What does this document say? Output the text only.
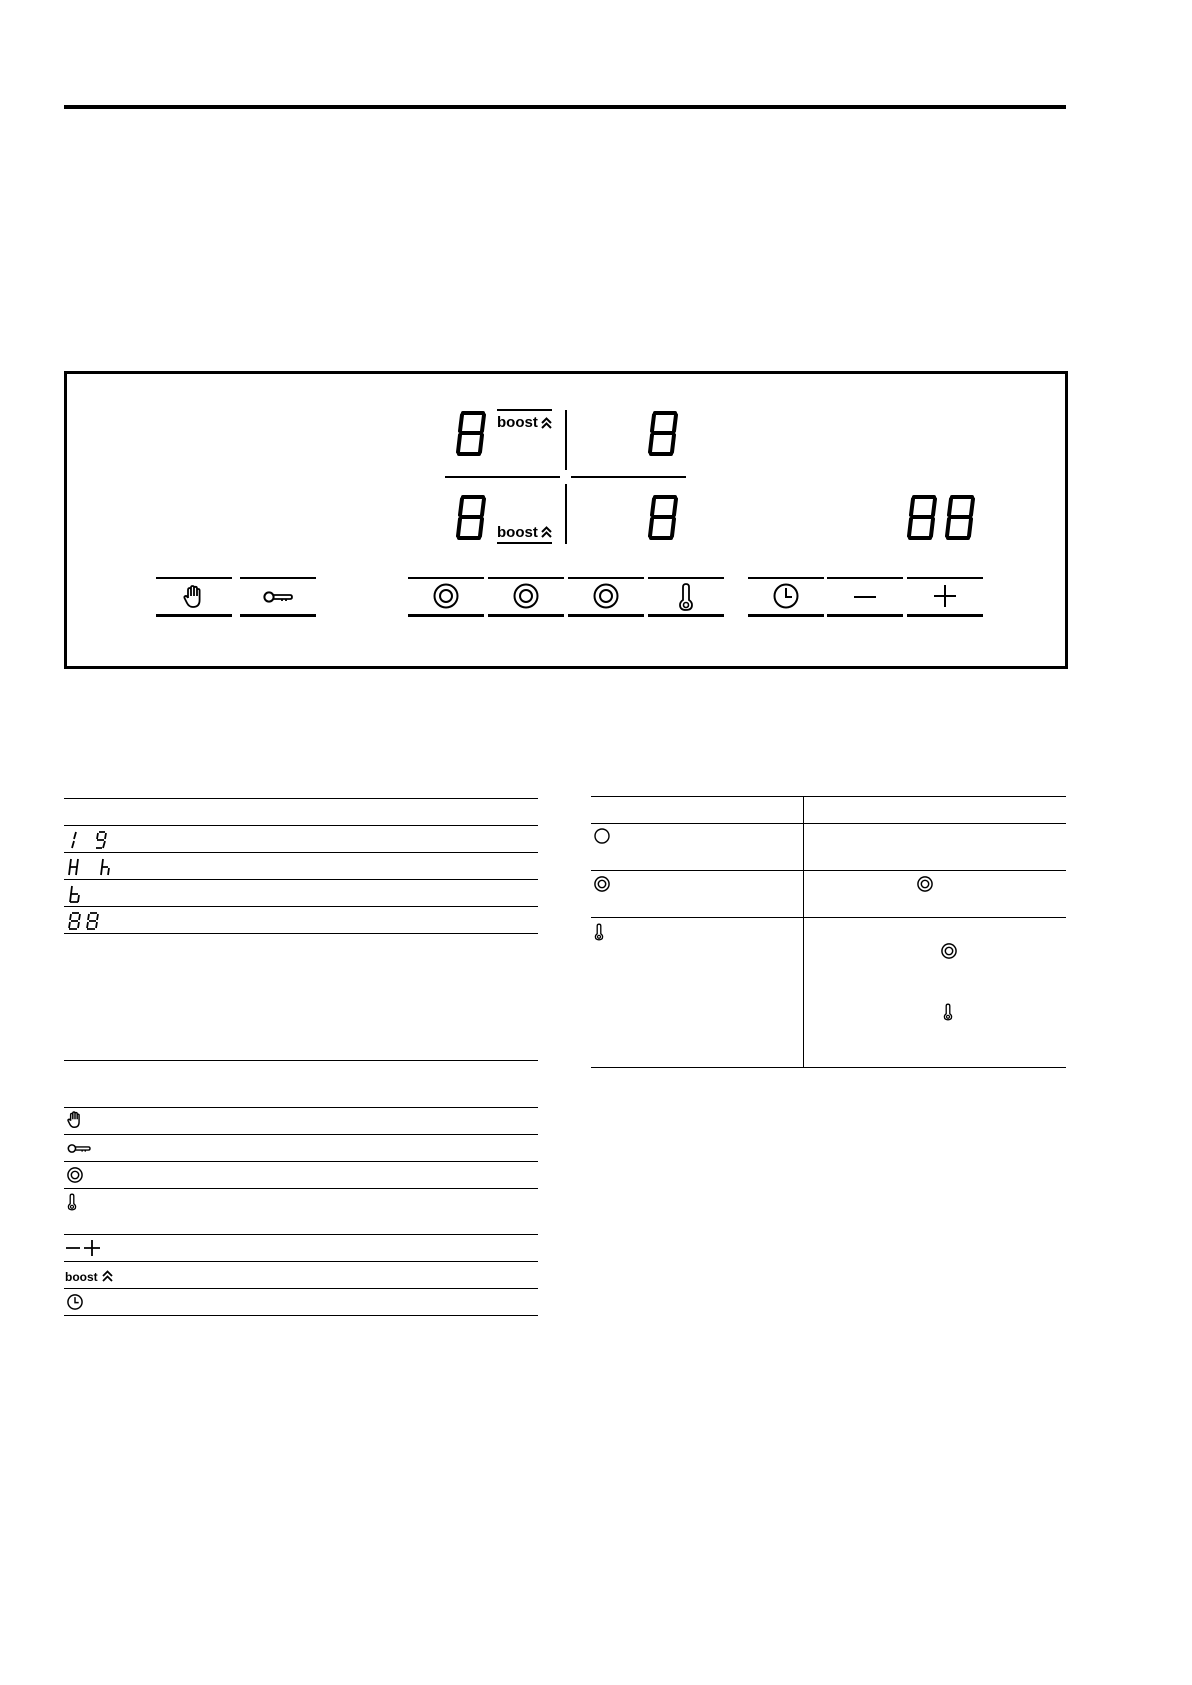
boost
boost
boost
